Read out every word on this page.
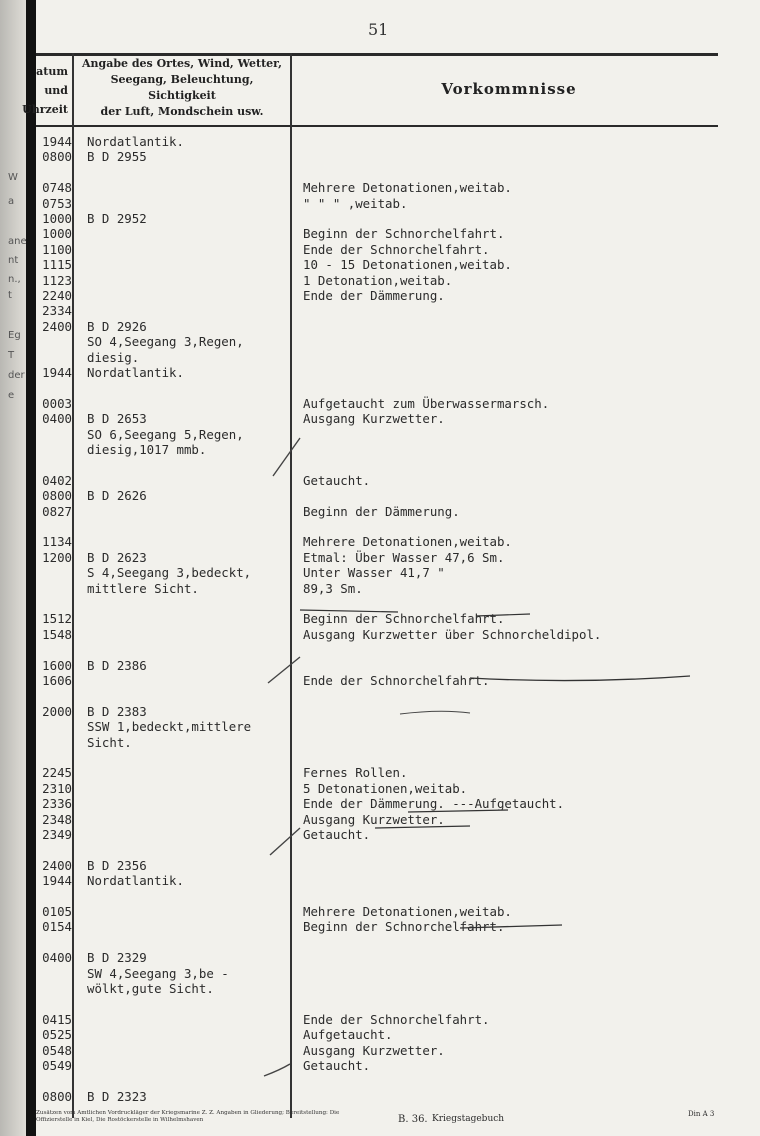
51
atum
und
Uhrzeit
Angabe des Ortes, Wind, Wetter,
Seegang, Beleuchtung, Sichtigkeit
der Luft, Mondschein usw.
Vorkommnisse
W
a
ane
nt
n.,
t
Eg
T
der
e
1944 Nordatlantik.
0800 B D 2955
0748	Mehrere Detonationen,weitab.
0753	" " " ,weitab.
1000 B D 2952
1000	Beginn der Schnorchelfahrt.
1100	Ende der Schnorchelfahrt.
1115	10 - 15 Detonationen,weitab.
1123	1 Detonation,weitab.
2240	Ende der Dämmerung.
2334
2400 B D 2926
SO 4,Seegang 3,Regen,
diesig.
1944 Nordatlantik.
0003	Aufgetaucht zum Überwassermarsch.
0400 B D 2653	Ausgang Kurzwetter.
SO 6,Seegang 5,Regen,
diesig,1017 mmb.
0402	Getaucht.
0800 B D 2626
0827	Beginn der Dämmerung.
1134	Mehrere Detonationen,weitab.
1200 B D 2623	Etmal: Über Wasser 47,6 Sm.
S 4,Seegang 3,bedeckt,	Unter Wasser 41,7 "
mittlere Sicht.	89,3 Sm.
1512	Beginn der Schnorchelfahrt.
1548	Ausgang Kurzwetter über Schnorcheldipol.
1600 B D 2386
1606	Ende der Schnorchelfahrt.
2000 B D 2383
SSW 1,bedeckt,mittlere
Sicht.
2245	Fernes Rollen.
2310	5 Detonationen,weitab.
2336	Ende der Dämmerung. ---Aufgetaucht.
2348	Ausgang Kurzwetter.
2349	Getaucht.
2400 B D 2356
1944 Nordatlantik.
0105	Mehrere Detonationen,weitab.
0154	Beginn der Schnorchelfahrt.
0400 B D 2329
SW 4,Seegang 3,be -
wölkt,gute Sicht.
0415	Ende der Schnorchelfahrt.
0525	Aufgetaucht.
0548	Ausgang Kurzwetter.
0549	Getaucht.
0800 B D 2323
Zusätzen vom Amtlichen Vordruckläger der Kriegsmarine Z. Z. Angaben in Gliederung; Bereitstellung: Die Offizierstelle in Kiel, Die Rostöckerstelle in Wilhelmshaven	B. 36. Kriegstagebuch	Din A 3
